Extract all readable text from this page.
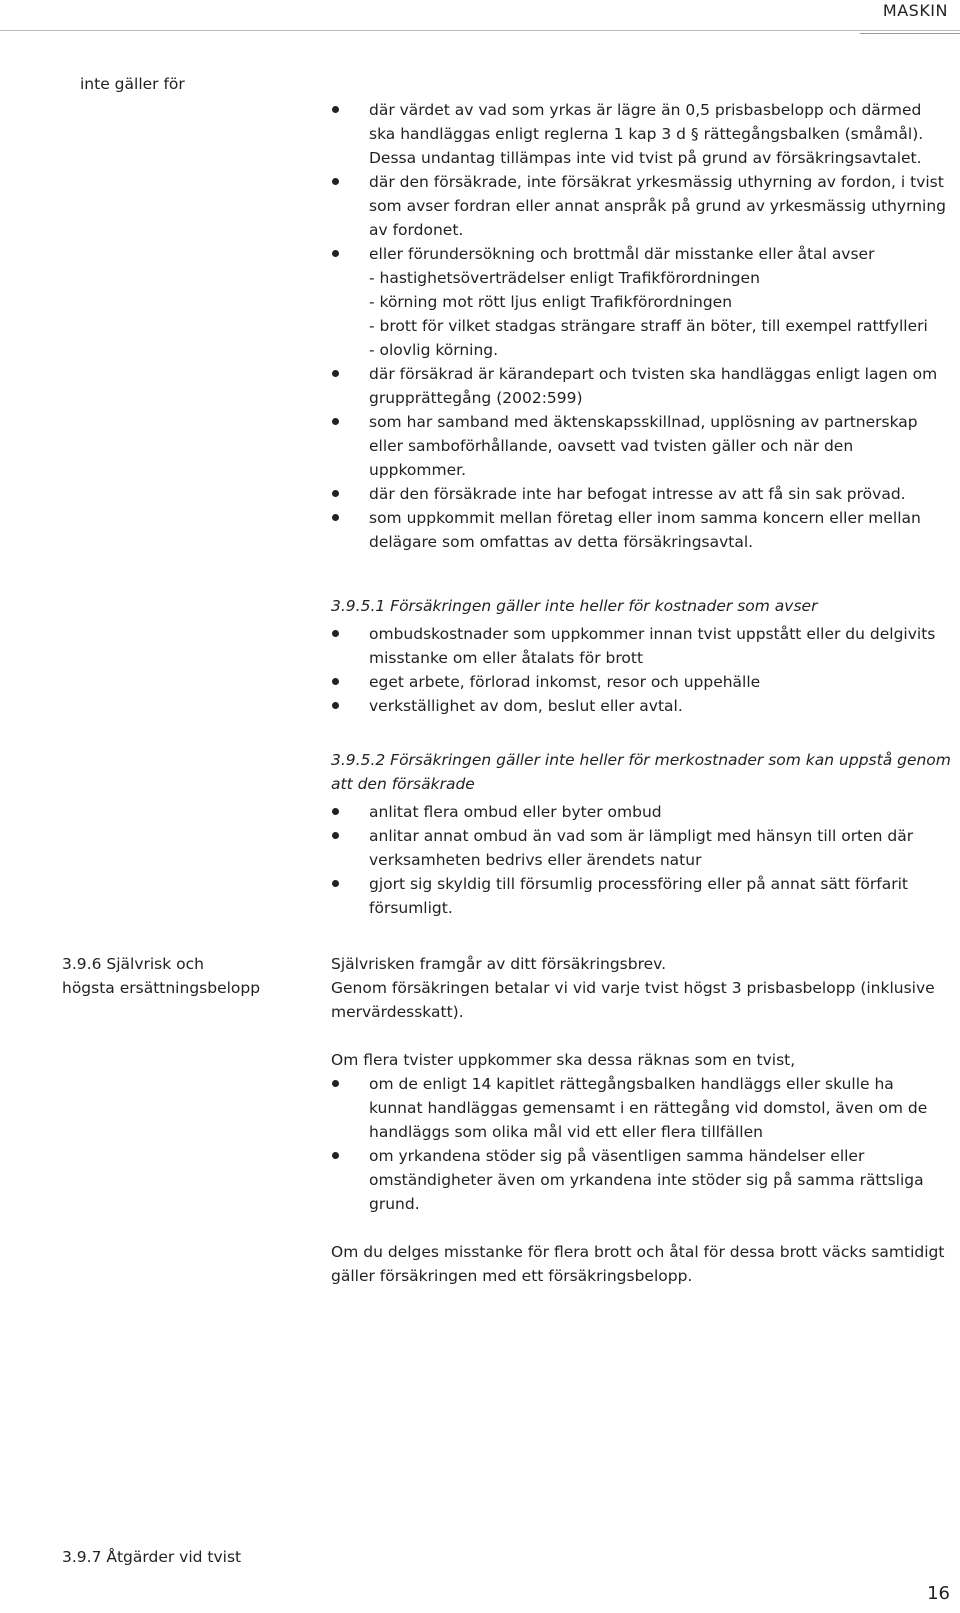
MASKIN
inte gäller för
där värdet av vad som yrkas är lägre än 0,5 prisbasbelopp och därmed ska handläggas enligt reglerna 1 kap 3 d § rättegångsbalken (småmål). Dessa undantag tillämpas inte vid tvist på grund av försäkringsavtalet.
där den försäkrade, inte försäkrat yrkesmässig uthyrning av fordon, i tvist som avser fordran eller annat anspråk på grund av yrkesmässig uthyrning av fordonet.
eller förundersökning och brottmål där misstanke eller åtal avser
- hastighetsöverträdelser enligt Trafikförordningen
- körning mot rött ljus enligt Trafikförordningen
- brott för vilket stadgas strängare straff än böter, till exempel rattfylleri
- olovlig körning.
där försäkrad är kärandepart och tvisten ska handläggas enligt lagen om grupprättegång (2002:599)
som har samband med äktenskapsskillnad, upplösning av partnerskap eller samboförhållande, oavsett vad tvisten gäller och när den uppkommer.
där den försäkrade inte har befogat intresse av att få sin sak prövad.
som uppkommit mellan företag eller inom samma koncern eller mellan delägare som omfattas av detta försäkringsavtal.
3.9.5.1 Försäkringen gäller inte heller för kostnader som avser
ombudskostnader som uppkommer innan tvist uppstått eller du delgivits misstanke om eller åtalats för brott
eget arbete, förlorad inkomst, resor och uppehälle
verkställighet av dom, beslut eller avtal.
3.9.5.2 Försäkringen gäller inte heller för merkostnader som kan uppstå genom att den försäkrade
anlitat flera ombud eller byter ombud
anlitar annat ombud än vad som är lämpligt med hänsyn till orten där verksamheten bedrivs eller ärendets natur
gjort sig skyldig till försumlig processföring eller på annat sätt förfarit försumligt.
3.9.6 Självrisk och
högsta ersättningsbelopp
Självrisken framgår av ditt försäkringsbrev.
Genom försäkringen betalar vi vid varje tvist högst 3 prisbasbelopp (inklusive mervärdesskatt).
Om flera tvister uppkommer ska dessa räknas som en tvist,
om de enligt 14 kapitlet rättegångsbalken handläggs eller skulle ha kunnat handläggas gemensamt i en rättegång vid domstol, även om de handläggs som olika mål vid ett eller flera tillfällen
om yrkandena stöder sig på väsentligen samma händelser eller omständigheter även om yrkandena inte stöder sig på samma rättsliga grund.
Om du delges misstanke för flera brott och åtal för dessa brott väcks samtidigt gäller försäkringen med ett försäkringsbelopp.
3.9.7 Åtgärder vid tvist
16
